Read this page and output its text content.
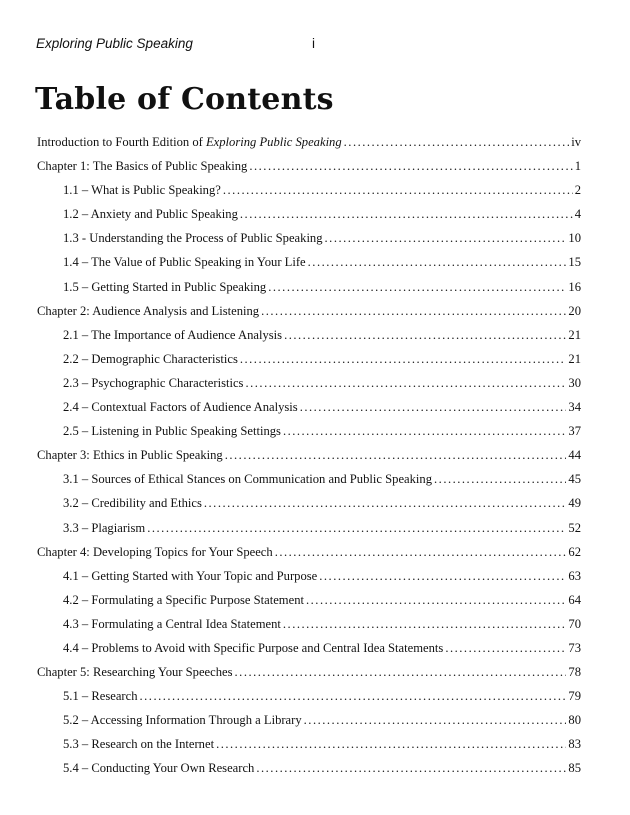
Exploring Public Speaking	i
Table of Contents
Introduction to Fourth Edition of Exploring Public Speaking .....	iv
Chapter 1: The Basics of Public Speaking .....	1
1.1 – What is Public Speaking? .....	2
1.2 – Anxiety and Public Speaking .....	4
1.3 - Understanding the Process of Public Speaking .....	10
1.4 – The Value of Public Speaking in Your Life .....	15
1.5 – Getting Started in Public Speaking .....	16
Chapter 2: Audience Analysis and Listening .....	20
2.1 – The Importance of Audience Analysis .....	21
2.2 – Demographic Characteristics .....	21
2.3 – Psychographic Characteristics .....	30
2.4 – Contextual Factors of Audience Analysis .....	34
2.5 – Listening in Public Speaking Settings .....	37
Chapter 3: Ethics in Public Speaking .....	44
3.1 – Sources of Ethical Stances on Communication and Public Speaking .....	45
3.2 – Credibility and Ethics .....	49
3.3 – Plagiarism .....	52
Chapter 4: Developing Topics for Your Speech .....	62
4.1 – Getting Started with Your Topic and Purpose .....	63
4.2 – Formulating a Specific Purpose Statement .....	64
4.3 – Formulating a Central Idea Statement .....	70
4.4 – Problems to Avoid with Specific Purpose and Central Idea Statements .....	73
Chapter 5: Researching Your Speeches .....	78
5.1 – Research .....	79
5.2 – Accessing Information Through a Library .....	80
5.3 – Research on the Internet .....	83
5.4 – Conducting Your Own Research .....	85
